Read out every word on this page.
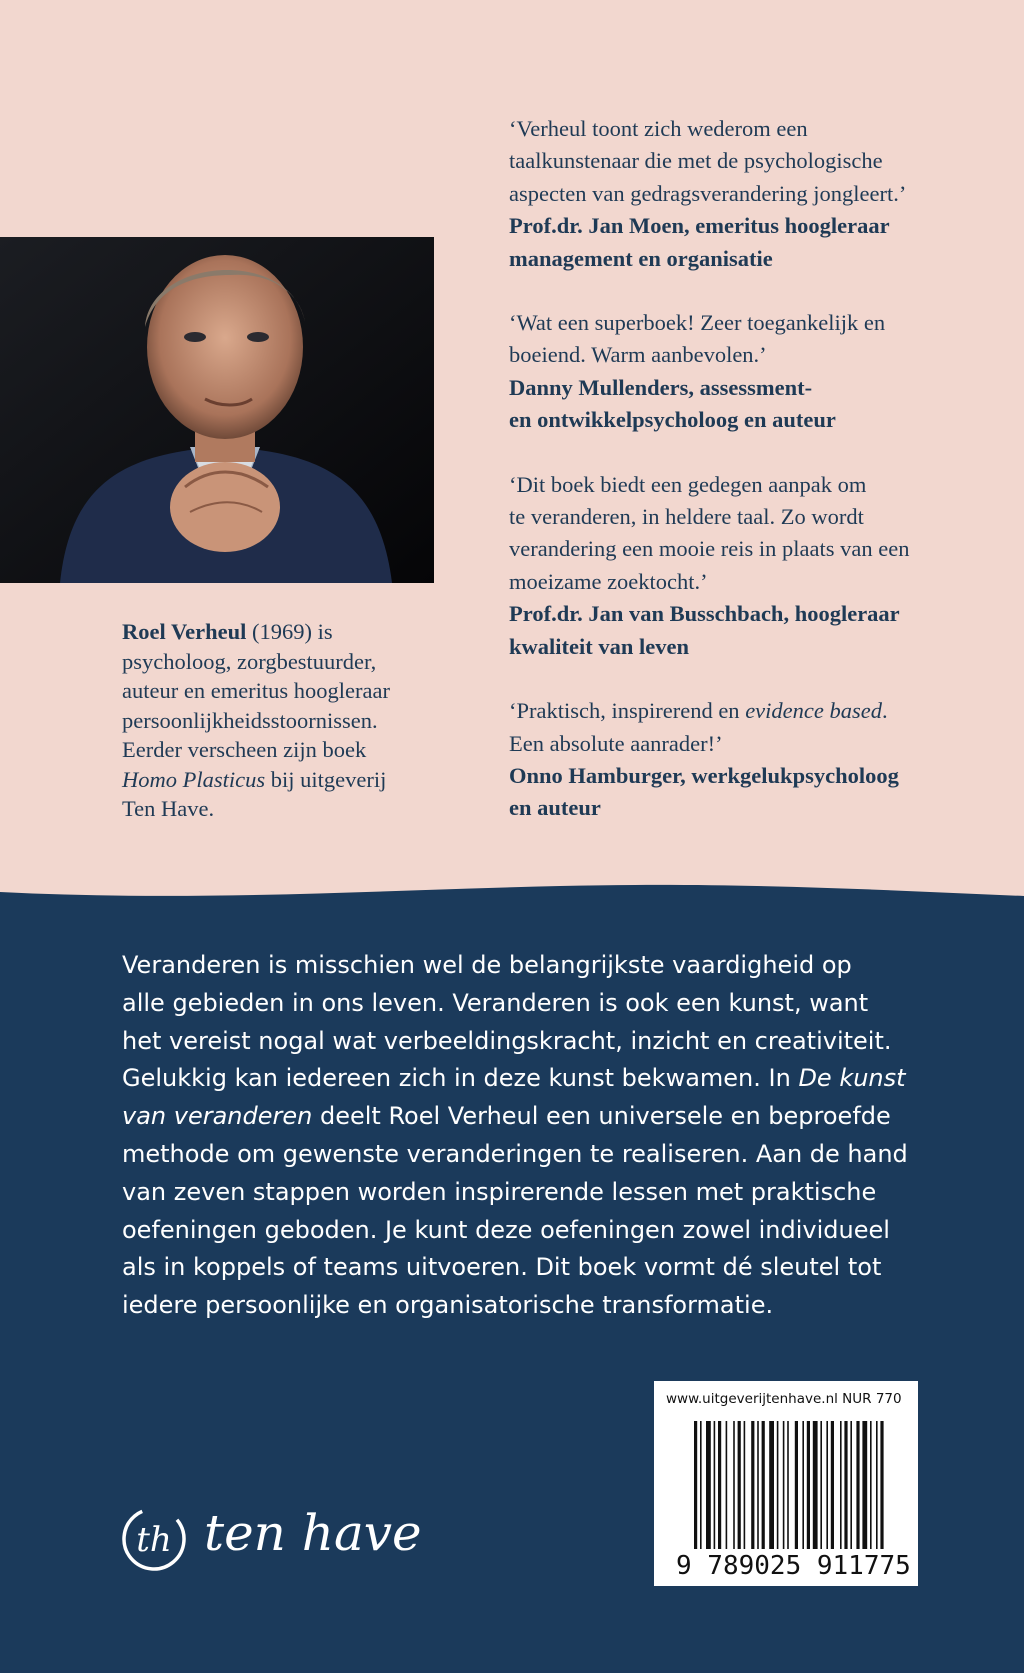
Roel Verheul (1969) is
psycholoog, zorgbestuurder,
auteur en emeritus hoogleraar
persoonlijkheidsstoornissen.
Eerder verscheen zijn boek
Homo Plasticus bij uitgeverij
Ten Have.
‘Verheul toont zich wederom een
taalkunstenaar die met de psychologische
aspecten van gedragsverandering jongleert.’
Prof.dr. Jan Moen, emeritus hoogleraar
management en organisatie
‘Wat een superboek! Zeer toegankelijk en
boeiend. Warm aanbevolen.’
Danny Mullenders, assessment-
en ontwikkelpsycholoog en auteur
‘Dit boek biedt een gedegen aanpak om
te veranderen, in heldere taal. Zo wordt
verandering een mooie reis in plaats van een
moeizame zoektocht.’
Prof.dr. Jan van Busschbach, hoogleraar
kwaliteit van leven
‘Praktisch, inspirerend en evidence based.
Een absolute aanrader!’
Onno Hamburger, werkgelukpsycholoog
en auteur

Veranderen is misschien wel de belangrijkste vaardigheid op
alle gebieden in ons leven. Veranderen is ook een kunst, want
het vereist nogal wat verbeeldingskracht, inzicht en creativiteit.
Gelukkig kan iedereen zich in deze kunst bekwamen. In De kunst
van veranderen deelt Roel Verheul een universele en beproefde
methode om gewenste veranderingen te realiseren. Aan de hand
van zeven stappen worden inspirerende lessen met praktische
oefeningen geboden. Je kunt deze oefeningen zowel individueel
als in koppels of teams uitvoeren. Dit boek vormt dé sleutel tot
iedere persoonlijke en organisatorische transformatie.

th ten have
www.uitgeverijtenhave.nl NUR 770
9 789025 911775
